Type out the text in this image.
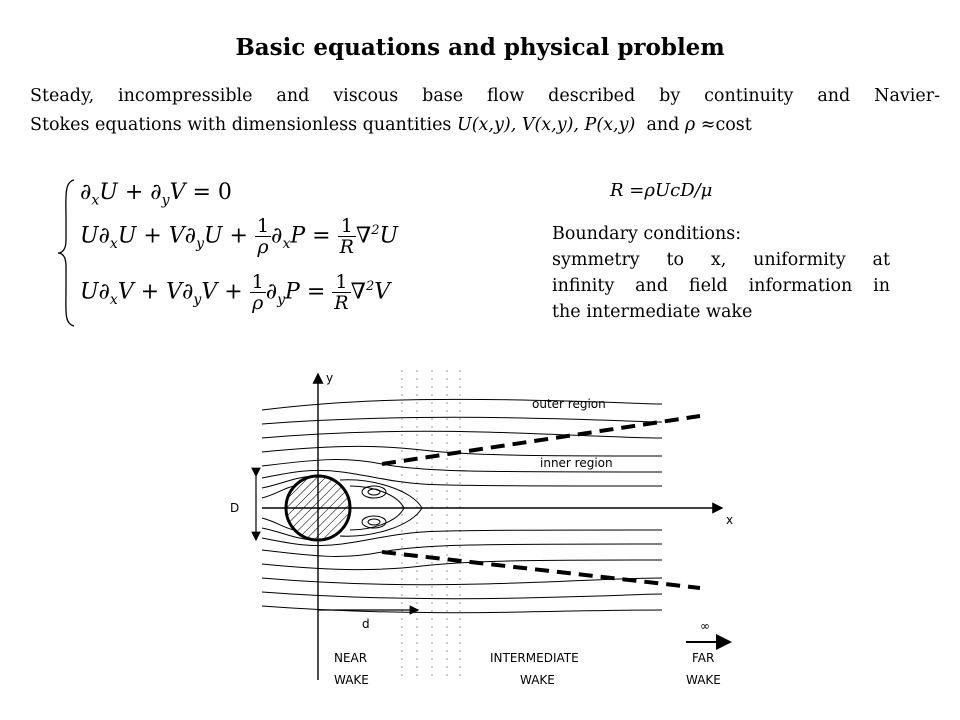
Basic equations and physical problem
Steady, incompressible and viscous base flow described by continuity and Navier-
Stokes equations with dimensionless quantities U(x,y), V(x,y), P(x,y)  and ρ ≈cost
$\partial_xU + \partial_yV = 0$
$U\partial_xU + V\partial_yU + \frac{1}{\rho} \partial_xP = \frac{1}{R} \nabla^2U$
$U\partial_xV + V\partial_yV + \frac{1}{\rho} \partial_yP = \frac{1}{R} \nabla^2V$
R =ρUcD/μ
Boundary conditions:
symmetry to x, uniformity at
infinity and field information in
the intermediate wake
y
x
D
d
outer region
inner region
∞
NEAR
WAKE
INTERMEDIATE
WAKE
FAR
WAKE
